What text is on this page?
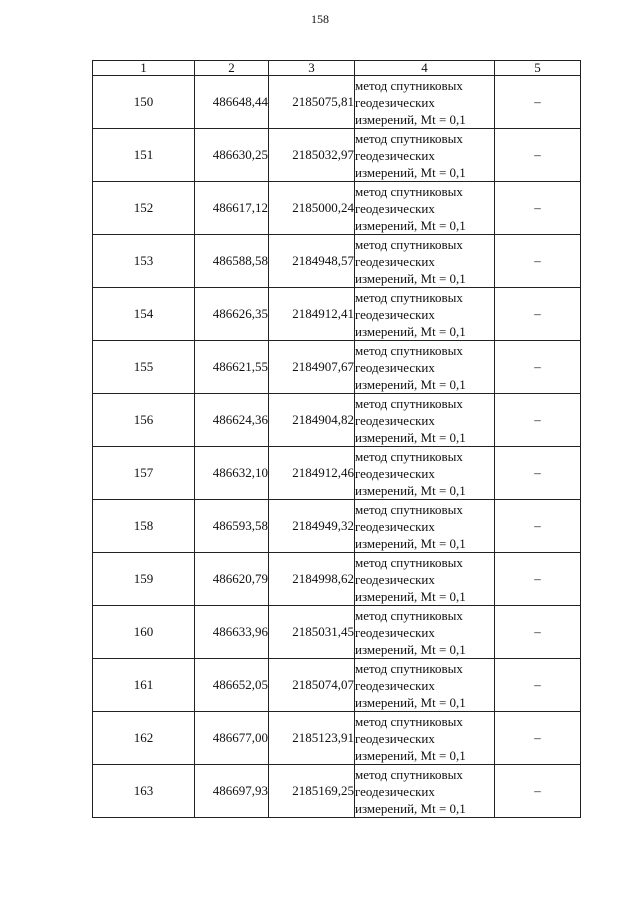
158
1	2	3	4	5
150	486648,44	2185075,81	метод спутниковых
геодезических
измерений, Mt = 0,1	–
151	486630,25	2185032,97	метод спутниковых
геодезических
измерений, Mt = 0,1	–
152	486617,12	2185000,24	метод спутниковых
геодезических
измерений, Mt = 0,1	–
153	486588,58	2184948,57	метод спутниковых
геодезических
измерений, Mt = 0,1	–
154	486626,35	2184912,41	метод спутниковых
геодезических
измерений, Mt = 0,1	–
155	486621,55	2184907,67	метод спутниковых
геодезических
измерений, Mt = 0,1	–
156	486624,36	2184904,82	метод спутниковых
геодезических
измерений, Mt = 0,1	–
157	486632,10	2184912,46	метод спутниковых
геодезических
измерений, Mt = 0,1	–
158	486593,58	2184949,32	метод спутниковых
геодезических
измерений, Mt = 0,1	–
159	486620,79	2184998,62	метод спутниковых
геодезических
измерений, Mt = 0,1	–
160	486633,96	2185031,45	метод спутниковых
геодезических
измерений, Mt = 0,1	–
161	486652,05	2185074,07	метод спутниковых
геодезических
измерений, Mt = 0,1	–
162	486677,00	2185123,91	метод спутниковых
геодезических
измерений, Mt = 0,1	–
163	486697,93	2185169,25	метод спутниковых
геодезических
измерений, Mt = 0,1	–
